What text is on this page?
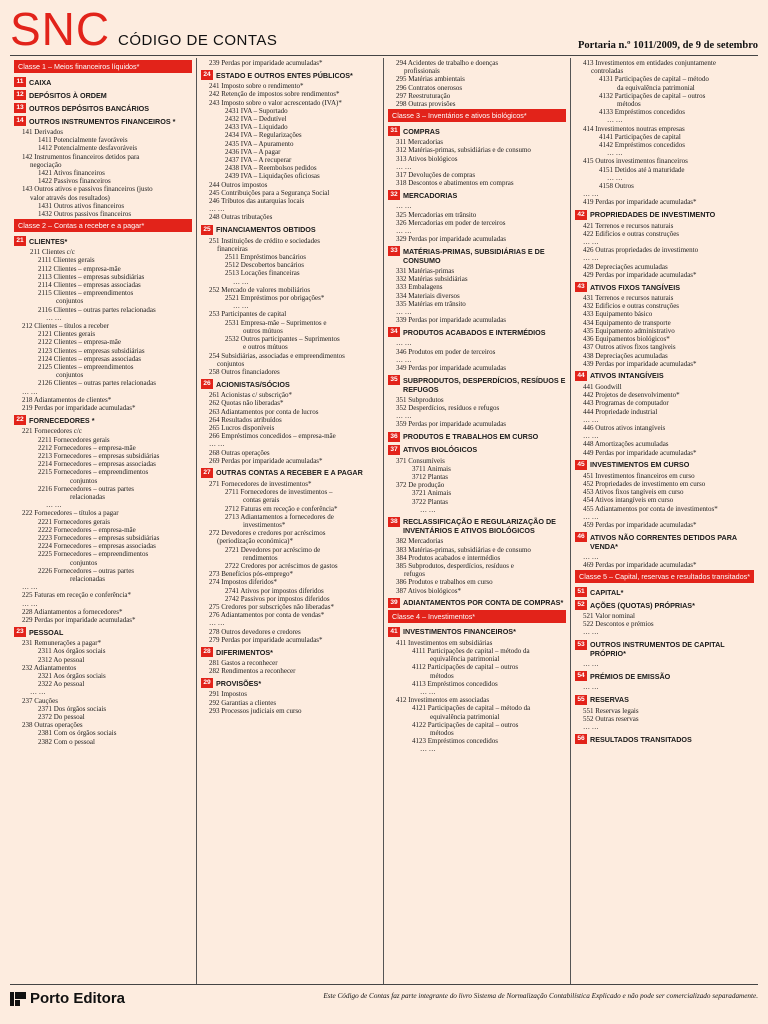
SNC CÓDIGO DE CONTAS	Portaria n.º 1011/2009, de 9 de setembro
Classe 1 – Meios financeiros líquidos*
11 CAIXA
12 DEPÓSITOS À ORDEM
13 OUTROS DEPÓSITOS BANCÁRIOS
14 OUTROS INSTRUMENTOS FINANCEIROS *
141 Derivados
1411 Potencialmente favoráveis
1412 Potencialmente desfavoráveis
142 Instrumentos financeiros detidos para
negociação
1421 Ativos financeiros
1422 Passivos financeiros
143 Outros ativos e passivos financeiros (justo
valor através dos resultados)
1431 Outros ativos financeiros
1432 Outros passivos financeiros
Classe 2 – Contas a receber e a pagar*
21 CLIENTES*
211 Clientes c/c
2111 Clientes gerais
2112 Clientes – empresa-mãe
2113 Clientes – empresas subsidiárias
2114 Clientes – empresas associadas
2115 Clientes – empreendimentos
conjuntos
2116 Clientes – outras partes relacionadas
… …
212 Clientes – títulos a receber
2121 Clientes gerais
2122 Clientes – empresa-mãe
2123 Clientes – empresas subsidiárias
2124 Clientes – empresas associadas
2125 Clientes – empreendimentos
conjuntos
2126 Clientes – outras partes relacionadas
… …
218 Adiantamentos de clientes*
219 Perdas por imparidade acumuladas*
22 FORNECEDORES *
221 Fornecedores c/c
2211 Fornecedores gerais
2212 Fornecedores – empresa-mãe
2213 Fornecedores – empresas subsidiárias
2214 Fornecedores – empresas associadas
2215 Fornecedores – empreendimentos
conjuntos
2216 Fornecedores – outras partes
relacionadas
… …
222 Fornecedores – títulos a pagar
2221 Fornecedores gerais
2222 Fornecedores – empresa-mãe
2223 Fornecedores – empresas subsidiárias
2224 Fornecedores – empresas associadas
2225 Fornecedores – empreendimentos
conjuntos
2226 Fornecedores – outras partes
relacionadas
… …
225 Faturas em receção e conferência*
… …
228 Adiantamentos a fornecedores*
229 Perdas por imparidade acumuladas*
23 PESSOAL
231 Remunerações a pagar*
2311 Aos órgãos sociais
2312 Ao pessoal
232 Adiantamentos
2321 Aos órgãos sociais
2322 Ao pessoal
… …
237 Cauções
2371 Dos órgãos sociais
2372 Do pessoal
238 Outras operações
2381 Com os órgãos sociais
2382 Com o pessoal
239 Perdas por imparidade acumuladas*
24 ESTADO E OUTROS ENTES PÚBLICOS*
241 Imposto sobre o rendimento*
242 Retenção de impostos sobre rendimentos*
243 Imposto sobre o valor acrescentado (IVA)*
2431 IVA – Suportado
2432 IVA – Dedutível
2433 IVA – Liquidado
2434 IVA – Regularizações
2435 IVA – Apuramento
2436 IVA – A pagar
2437 IVA – A recuperar
2438 IVA – Reembolsos pedidos
2439 IVA – Liquidações oficiosas
244 Outros impostos
245 Contribuições para a Segurança Social
246 Tributos das autarquias locais
… …
248 Outras tributações
25 FINANCIAMENTOS OBTIDOS
251 Instituições de crédito e sociedades
financeiras
2511 Empréstimos bancários
2512 Descobertos bancários
2513 Locações financeiras
… …
252 Mercado de valores mobiliários
2521 Empréstimos por obrigações*
… …
253 Participantes de capital
2531 Empresa-mãe – Suprimentos e
outros mútuos
2532 Outros participantes – Suprimentos
e outros mútuos
254 Subsidiárias, associadas e empreendimentos
conjuntos
258 Outros financiadores
26 ACIONISTAS/SÓCIOS
261 Acionistas c/ subscrição*
262 Quotas não liberadas*
263 Adiantamentos por conta de lucros
264 Resultados atribuídos
265 Lucros disponíveis
266 Empréstimos concedidos – empresa-mãe
… …
268 Outras operações
269 Perdas por imparidade acumuladas*
27 OUTRAS CONTAS A RECEBER E A PAGAR
271 Fornecedores de investimentos*
2711 Fornecedores de investimentos –
contas gerais
2712 Faturas em receção e conferência*
2713 Adiantamentos a fornecedores de
investimentos*
272 Devedores e credores por acréscimos
(periodização económica)*
2721 Devedores por acréscimo de
rendimentos
2722 Credores por acréscimos de gastos
273 Benefícios pós-emprego*
274 Impostos diferidos*
2741 Ativos por impostos diferidos
2742 Passivos por impostos diferidos
275 Credores por subscrições não liberadas*
276 Adiantamentos por conta de vendas*
… …
278 Outros devedores e credores
279 Perdas por imparidade acumuladas*
28 DIFERIMENTOS*
281 Gastos a reconhecer
282 Rendimentos a reconhecer
29 PROVISÕES*
291 Impostos
292 Garantias a clientes
293 Processos judiciais em curso
294 Acidentes de trabalho e doenças
profissionais
295 Matérias ambientais
296 Contratos onerosos
297 Reestruturação
298 Outras provisões
Classe 3 – Inventários e ativos biológicos*
31 COMPRAS
311 Mercadorias
312 Matérias-primas, subsidiárias e de consumo
313 Ativos biológicos
… …
317 Devoluções de compras
318 Descontos e abatimentos em compras
32 MERCADORIAS
… …
325 Mercadorias em trânsito
326 Mercadorias em poder de terceiros
… …
329 Perdas por imparidade acumuladas
33 MATÉRIAS-PRIMAS, SUBSIDIÁRIAS E DE CONSUMO
331 Matérias-primas
332 Matérias subsidiárias
333 Embalagens
334 Materiais diversos
335 Matérias em trânsito
… …
339 Perdas por imparidade acumuladas
34 PRODUTOS ACABADOS E INTERMÉDIOS
… …
346 Produtos em poder de terceiros
… …
349 Perdas por imparidade acumuladas
35 SUBPRODUTOS, DESPERDÍCIOS, RESÍDUOS E REFUGOS
351 Subprodutos
352 Desperdícios, resíduos e refugos
… …
359 Perdas por imparidade acumuladas
36 PRODUTOS E TRABALHOS EM CURSO
37 ATIVOS BIOLÓGICOS
371 Consumíveis
3711 Animais
3712 Plantas
372 De produção
3721 Animais
3722 Plantas
… …
38 RECLASSIFICAÇÃO E REGULARIZAÇÃO DE INVENTÁRIOS E ATIVOS BIOLÓGICOS
382 Mercadorias
383 Matérias-primas, subsidiárias e de consumo
384 Produtos acabados e intermédios
385 Subprodutos, desperdícios, resíduos e
refugos
386 Produtos e trabalhos em curso
387 Ativos biológicos*
39 ADIANTAMENTOS POR CONTA DE COMPRAS*
Classe 4 – Investimentos*
41 INVESTIMENTOS FINANCEIROS*
411 Investimentos em subsidiárias
4111 Participações de capital – método da
equivalência patrimonial
4112 Participações de capital – outros
métodos
4113 Empréstimos concedidos
… …
412 Investimentos em associadas
4121 Participações de capital – método da
equivalência patrimonial
4122 Participações de capital – outros
métodos
4123 Empréstimos concedidos
… …
413 Investimentos em entidades conjuntamente
controladas
4131 Participações de capital – método
da equivalência patrimonial
4132 Participações de capital – outros
métodos
4133 Empréstimos concedidos
… …
414 Investimentos noutras empresas
4141 Participações de capital
4142 Empréstimos concedidos
… …
415 Outros investimentos financeiros
4151 Detidos até à maturidade
… …
4158 Outros
… …
419 Perdas por imparidade acumuladas*
42 PROPRIEDADES DE INVESTIMENTO
421 Terrenos e recursos naturais
422 Edifícios e outras construções
… …
426 Outras propriedades de investimento
… …
428 Depreciações acumuladas
429 Perdas por imparidade acumuladas*
43 ATIVOS FIXOS TANGÍVEIS
431 Terrenos e recursos naturais
432 Edifícios e outras construções
433 Equipamento básico
434 Equipamento de transporte
435 Equipamento administrativo
436 Equipamentos biológicos*
437 Outros ativos fixos tangíveis
438 Depreciações acumuladas
439 Perdas por imparidade acumuladas*
44 ATIVOS INTANGÍVEIS
441 Goodwill
442 Projetos de desenvolvimento*
443 Programas de computador
444 Propriedade industrial
… …
446 Outros ativos intangíveis
… …
448 Amortizações acumuladas
449 Perdas por imparidade acumuladas*
45 INVESTIMENTOS EM CURSO
451 Investimentos financeiros em curso
452 Propriedades de investimento em curso
453 Ativos fixos tangíveis em curso
454 Ativos intangíveis em curso
455 Adiantamentos por conta de investimentos*
… …
459 Perdas por imparidade acumuladas*
46 ATIVOS NÃO CORRENTES DETIDOS PARA VENDA*
… …
469 Perdas por imparidade acumuladas*
Classe 5 – Capital, reservas e resultados transitados*
51 CAPITAL*
52 AÇÕES (QUOTAS) PRÓPRIAS*
521 Valor nominal
522 Descontos e prémios
… …
53 OUTROS INSTRUMENTOS DE CAPITAL PRÓPRIO*
… …
54 PRÉMIOS DE EMISSÃO
… …
55 RESERVAS
551 Reservas legais
552 Outras reservas
… …
56 RESULTADOS TRANSITADOS
Porto Editora	Este Código de Contas faz parte integrante do livro Sistema de Normalização Contabilística Explicado e não pode ser comercializado separadamente.
